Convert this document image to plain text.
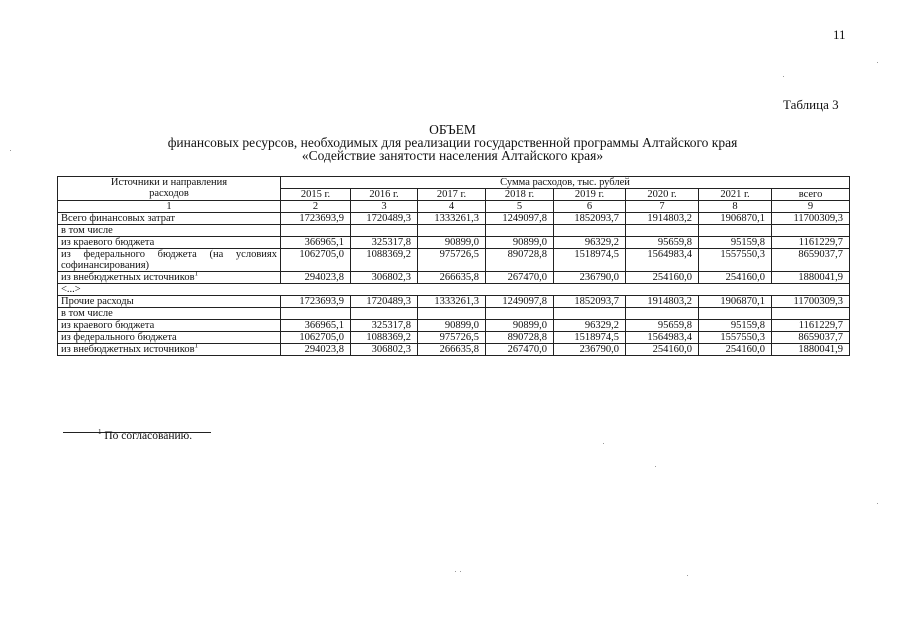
11
Таблица 3
ОБЪЕМ
финансовых ресурсов, необходимых для реализации государственной программы Алтайского края
«Содействие занятости населения Алтайского края»
Источники и направления
расходов	Сумма расходов, тыс. рублей							
	2015 г.	2016 г.	2017 г.	2018 г.	2019 г.	2020 г.	2021 г.	всего
1	2	3	4	5	6	7	8	9
Всего финансовых затрат	1723693,9	1720489,3	1333261,3	1249097,8	1852093,7	1914803,2	1906870,1	11700309,3
в том числе								
из краевого бюджета	366965,1	325317,8	90899,0	90899,0	96329,2	95659,8	95159,8	1161229,7
из федерального бюджета (на условиях софинансирования)	1062705,0	1088369,2	975726,5	890728,8	1518974,5	1564983,4	1557550,3	8659037,7
из внебюджетных источников$^1$	294023,8	306802,3	266635,8	267470,0	236790,0	254160,0	254160,0	1880041,9
<...>								
Прочие расходы	1723693,9	1720489,3	1333261,3	1249097,8	1852093,7	1914803,2	1906870,1	11700309,3
в том числе								
из краевого бюджета	366965,1	325317,8	90899,0	90899,0	96329,2	95659,8	95159,8	1161229,7
из федерального бюджета	1062705,0	1088369,2	975726,5	890728,8	1518974,5	1564983,4	1557550,3	8659037,7
из внебюджетных источников$^1$	294023,8	306802,3	266635,8	267470,0	236790,0	254160,0	254160,0	1880041,9
$^1$ По согласованию.
